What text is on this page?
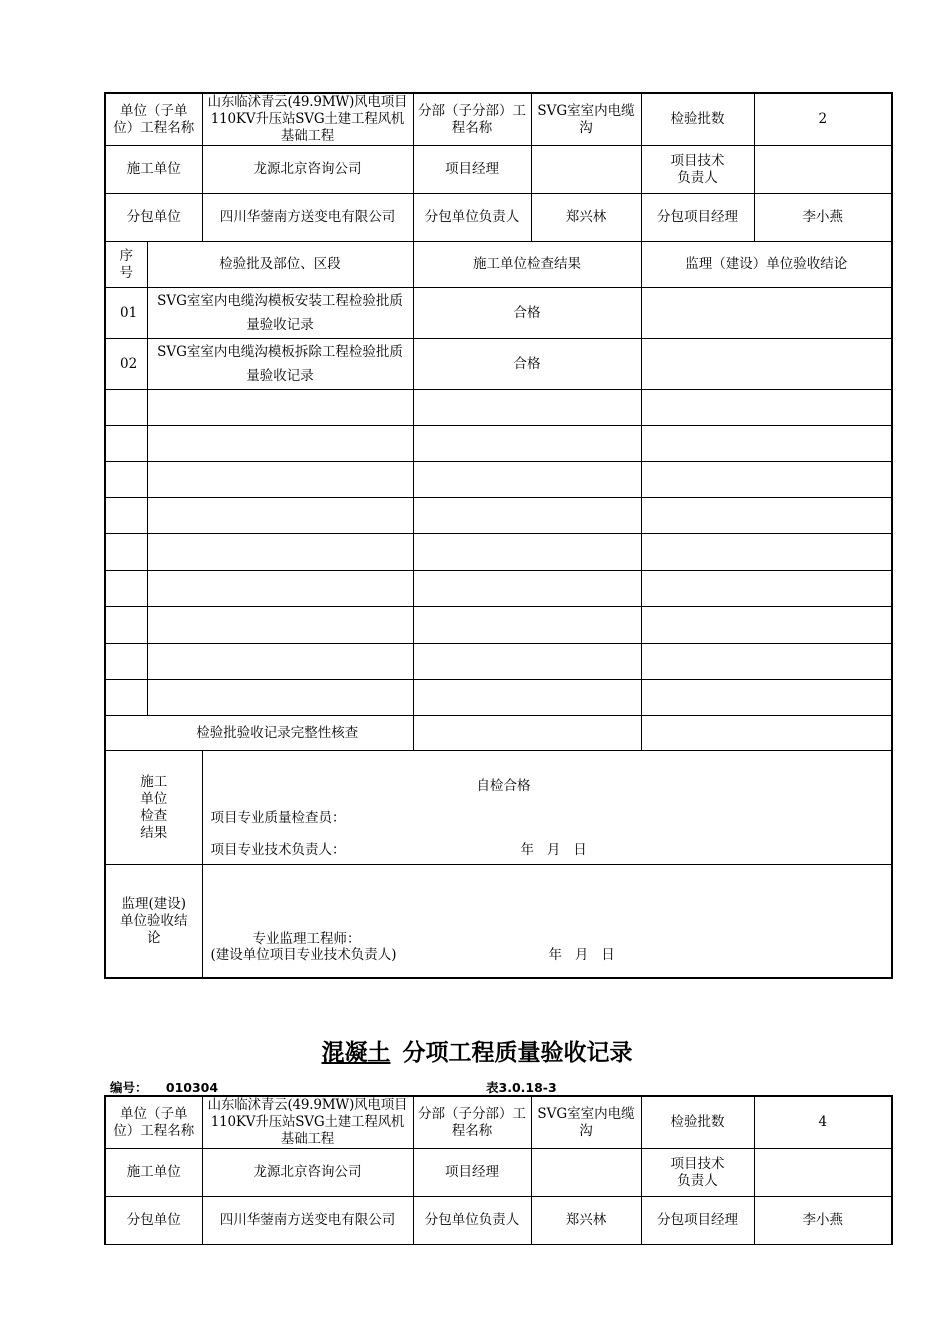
单位（子单位）工程名称		山东临沭青云(49.9MW)风电项目110KV升压站SVG土建工程风机基础工程	分部（子分部）工程名称	SVG室室内电缆沟	检验批数	2
施工单位		龙源北京咨询公司	项目经理		项目技术负责人	
分包单位		四川华蓥南方送变电有限公司	分包单位负责人	郑兴林	分包项目经理	李小燕
序号	检验批及部位、区段		施工单位检查结果		监理（建设）单位验收结论	
01	SVG室室内电缆沟模板安装工程检验批质量验收记录		合格			
02	SVG室室内电缆沟模板拆除工程检验批质量验收记录		合格			

检验批验收记录完整性核查						
施工单位检查结果		自检合格
项目专业质量检查员：
项目专业技术负责人： 年   月   日				

监理(建设)单位验收结论		专业监理工程师：
(建设单位项目专业技术负责人) 年   月   日				
混凝土 分项工程质量验收记录
编号： 010304	表3.0.18-3
单位（子单位）工程名称	山东临沭青云(49.9MW)风电项目110KV升压站SVG土建工程风机基础工程	分部（子分部）工程名称	SVG室室内电缆沟	检验批数	4
施工单位	龙源北京咨询公司	项目经理		项目技术负责人	
分包单位	四川华蓥南方送变电有限公司	分包单位负责人	郑兴林	分包项目经理	李小燕
